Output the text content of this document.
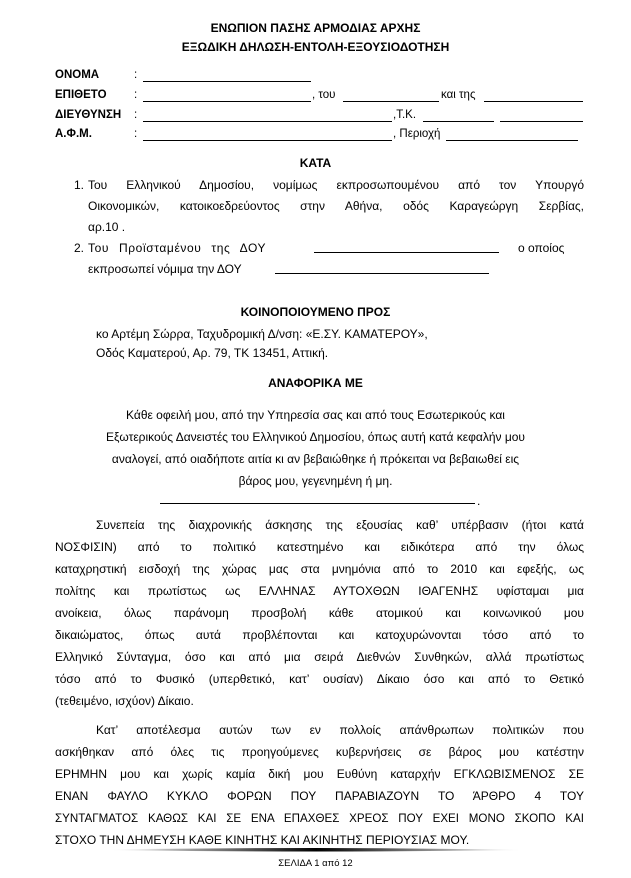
ΕΝΩΠΙΟΝ ΠΑΣΗΣ ΑΡΜΟΔΙΑΣ ΑΡΧΗΣ
ΕΞΩΔΙΚΗ ΔΗΛΩΣΗ-ΕΝΤΟΛΗ-ΕΞΟΥΣΙΟΔΟΤΗΣΗ
ΟΝΟΜΑ	:
ΕΠΙΘΕΤΟ :	, του	και της
ΔΙΕΥΘΥΝΣΗ :	,Τ.Κ.
Α.Φ.Μ.	:	, Περιοχή
ΚΑΤΑ
1. Του Ελληνικού Δημοσίου, νομίμως εκπροσωπουμένου από τον Υπουργό
Οικονομικών, κατοικοεδρεύοντος στην Αθήνα, οδός Καραγεώργη Σερβίας,
αρ.10 .
2. Του Προϊσταμένου της ΔΟΥ	ο οποίος
εκπροσωπεί νόμιμα την ΔΟΥ
ΚΟΙΝΟΠΟΙΟΥΜΕΝΟ ΠΡΟΣ
κο Αρτέμη Σώρρα, Ταχυδρομική Δ/νση: «Ε.ΣΥ. ΚΑΜΑΤΕΡΟΥ»,
Οδός Καματερού, Αρ. 79, ΤΚ 13451, Αττική.
ΑΝΑΦΟΡΙΚΑ ΜΕ
Κάθε οφειλή μου, από την Υπηρεσία σας και από τους Εσωτερικούς και
Εξωτερικούς Δανειστές του Ελληνικού Δημοσίου, όπως αυτή κατά κεφαλήν μου
αναλογεί, από οιαδήποτε αιτία κι αν βεβαιώθηκε ή πρόκειται να βεβαιωθεί εις
βάρος μου, γεγενημένη ή μη.
.
Συνεπεία της διαχρονικής άσκησης της εξουσίας καθ’ υπέρβασιν (ήτοι κατά
ΝΟΣΦΙΣΙΝ) από το πολιτικό κατεστημένο και ειδικότερα από την όλως
καταχρηστική εισδοχή της χώρας μας στα μνημόνια από το 2010 και εφεξής, ως
πολίτης και πρωτίστως ως ΕΛΛΗΝΑΣ ΑΥΤΟΧΘΩΝ ΙΘΑΓΕΝΗΣ υφίσταμαι μια
ανοίκεια, όλως παράνομη προσβολή κάθε ατομικού και κοινωνικού μου
δικαιώματος, όπως αυτά προβλέπονται και κατοχυρώνονται τόσο από το
Ελληνικό Σύνταγμα, όσο και από μια σειρά Διεθνών Συνθηκών, αλλά πρωτίστως
τόσο από το Φυσικό (υπερθετικό, κατ’ ουσίαν) Δίκαιο όσο και από το Θετικό
(τεθειμένο, ισχύον) Δίκαιο.
Κατ’ αποτέλεσμα αυτών των εν πολλοίς απάνθρωπων πολιτικών που
ασκήθηκαν από όλες τις προηγούμενες κυβερνήσεις σε βάρος μου κατέστην
ΕΡΗΜΗΝ μου και χωρίς καμία δική μου Ευθύνη καταρχήν ΕΓΚΛΩΒΙΣΜΕΝΟΣ ΣΕ
ΕΝΑΝ ΦΑΥΛΟ ΚΥΚΛΟ ΦΟΡΩΝ ΠΟΥ ΠΑΡΑΒΙΑΖΟΥΝ ΤΟ ΆΡΘΡΟ 4 ΤΟΥ
ΣΥΝΤΑΓΜΑΤΟΣ ΚΑΘΩΣ ΚΑΙ ΣΕ ΕΝΑ ΕΠΑΧΘΕΣ ΧΡΕΟΣ ΠΟΥ ΕΧΕΙ ΜΟΝΟ ΣΚΟΠΟ ΚΑΙ
ΣΤΟΧΟ ΤΗΝ ΔΗΜΕΥΣΗ ΚΑΘΕ ΚΙΝΗΤΗΣ ΚΑΙ ΑΚΙΝΗΤΗΣ ΠΕΡΙΟΥΣΙΑΣ ΜΟΥ.
ΣΕΛΙΔΑ 1 από 12
